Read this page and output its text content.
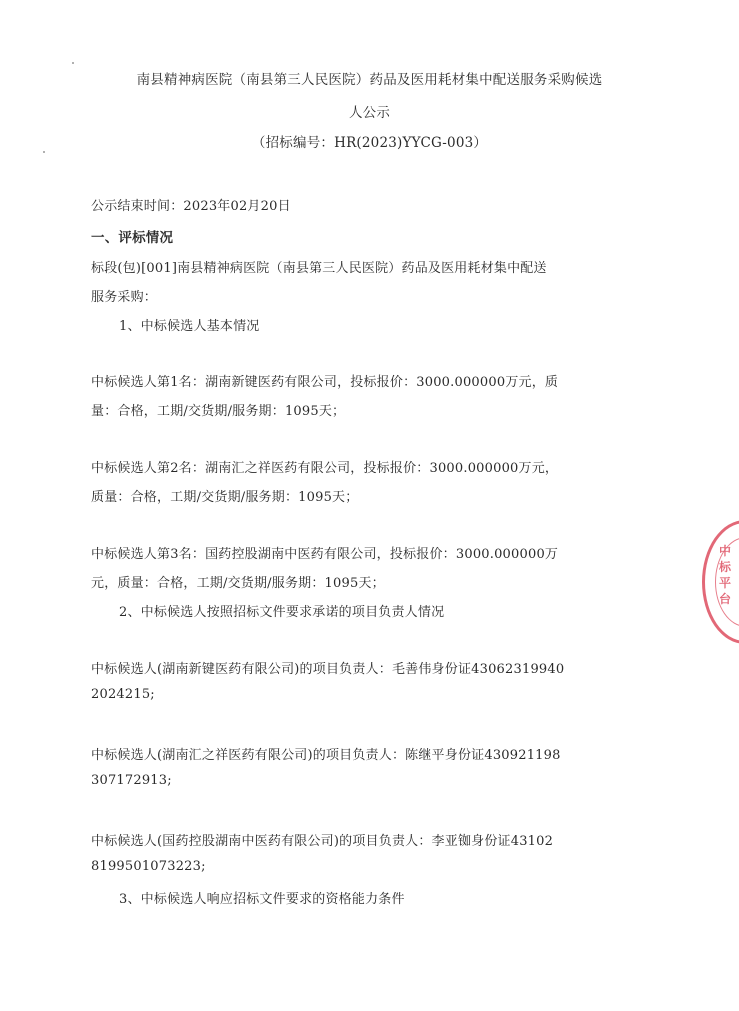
南县精神病医院（南县第三人民医院）药品及医用耗材集中配送服务采购候选
人公示
（招标编号：HR(2023)YYCG-003）
公示结束时间：2023年02月20日
一、评标情况
标段(包)[001]南县精神病医院（南县第三人民医院）药品及医用耗材集中配送
服务采购：
1、中标候选人基本情况
中标候选人第1名：湖南新键医药有限公司，投标报价：3000.000000万元，质
量：合格，工期/交货期/服务期：1095天；
中标候选人第2名：湖南汇之祥医药有限公司，投标报价：3000.000000万元，
质量：合格，工期/交货期/服务期：1095天；
中标候选人第3名：国药控股湖南中医药有限公司，投标报价：3000.000000万
元，质量：合格，工期/交货期/服务期：1095天；
2、中标候选人按照招标文件要求承诺的项目负责人情况
中标候选人(湖南新键医药有限公司)的项目负责人：毛善伟身份证43062319940
2024215;
中标候选人(湖南汇之祥医药有限公司)的项目负责人：陈继平身份证430921198
307172913;
中标候选人(国药控股湖南中医药有限公司)的项目负责人：李亚铷身份证43102
8199501073223;
3、中标候选人响应招标文件要求的资格能力条件
中标平台
